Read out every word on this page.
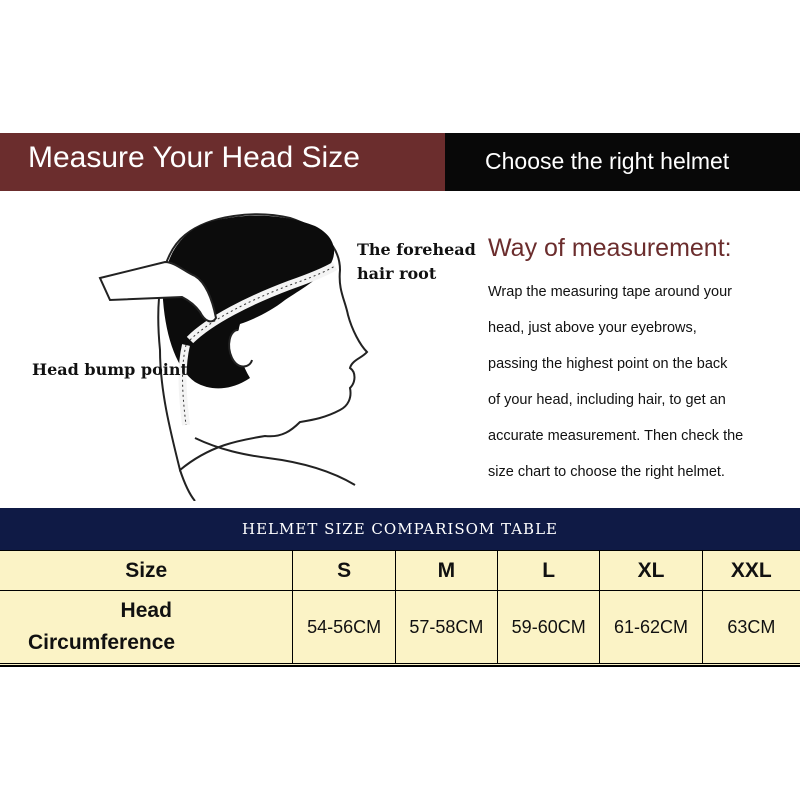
Measure Your Head Size	Choose the right helmet
The forehead
hair root
Head bump point
Way of measurement:
Wrap the measuring tape around your
head, just above your eyebrows,
passing the highest point on the back
of your head, including hair, to get an
accurate measurement. Then check the
size chart to choose the right helmet.
HELMET SIZE COMPARISOM TABLE
Size	S	M	L	XL	XXL

Head
Circumference	54-56CM	57-58CM	59-60CM	61-62CM	63CM
